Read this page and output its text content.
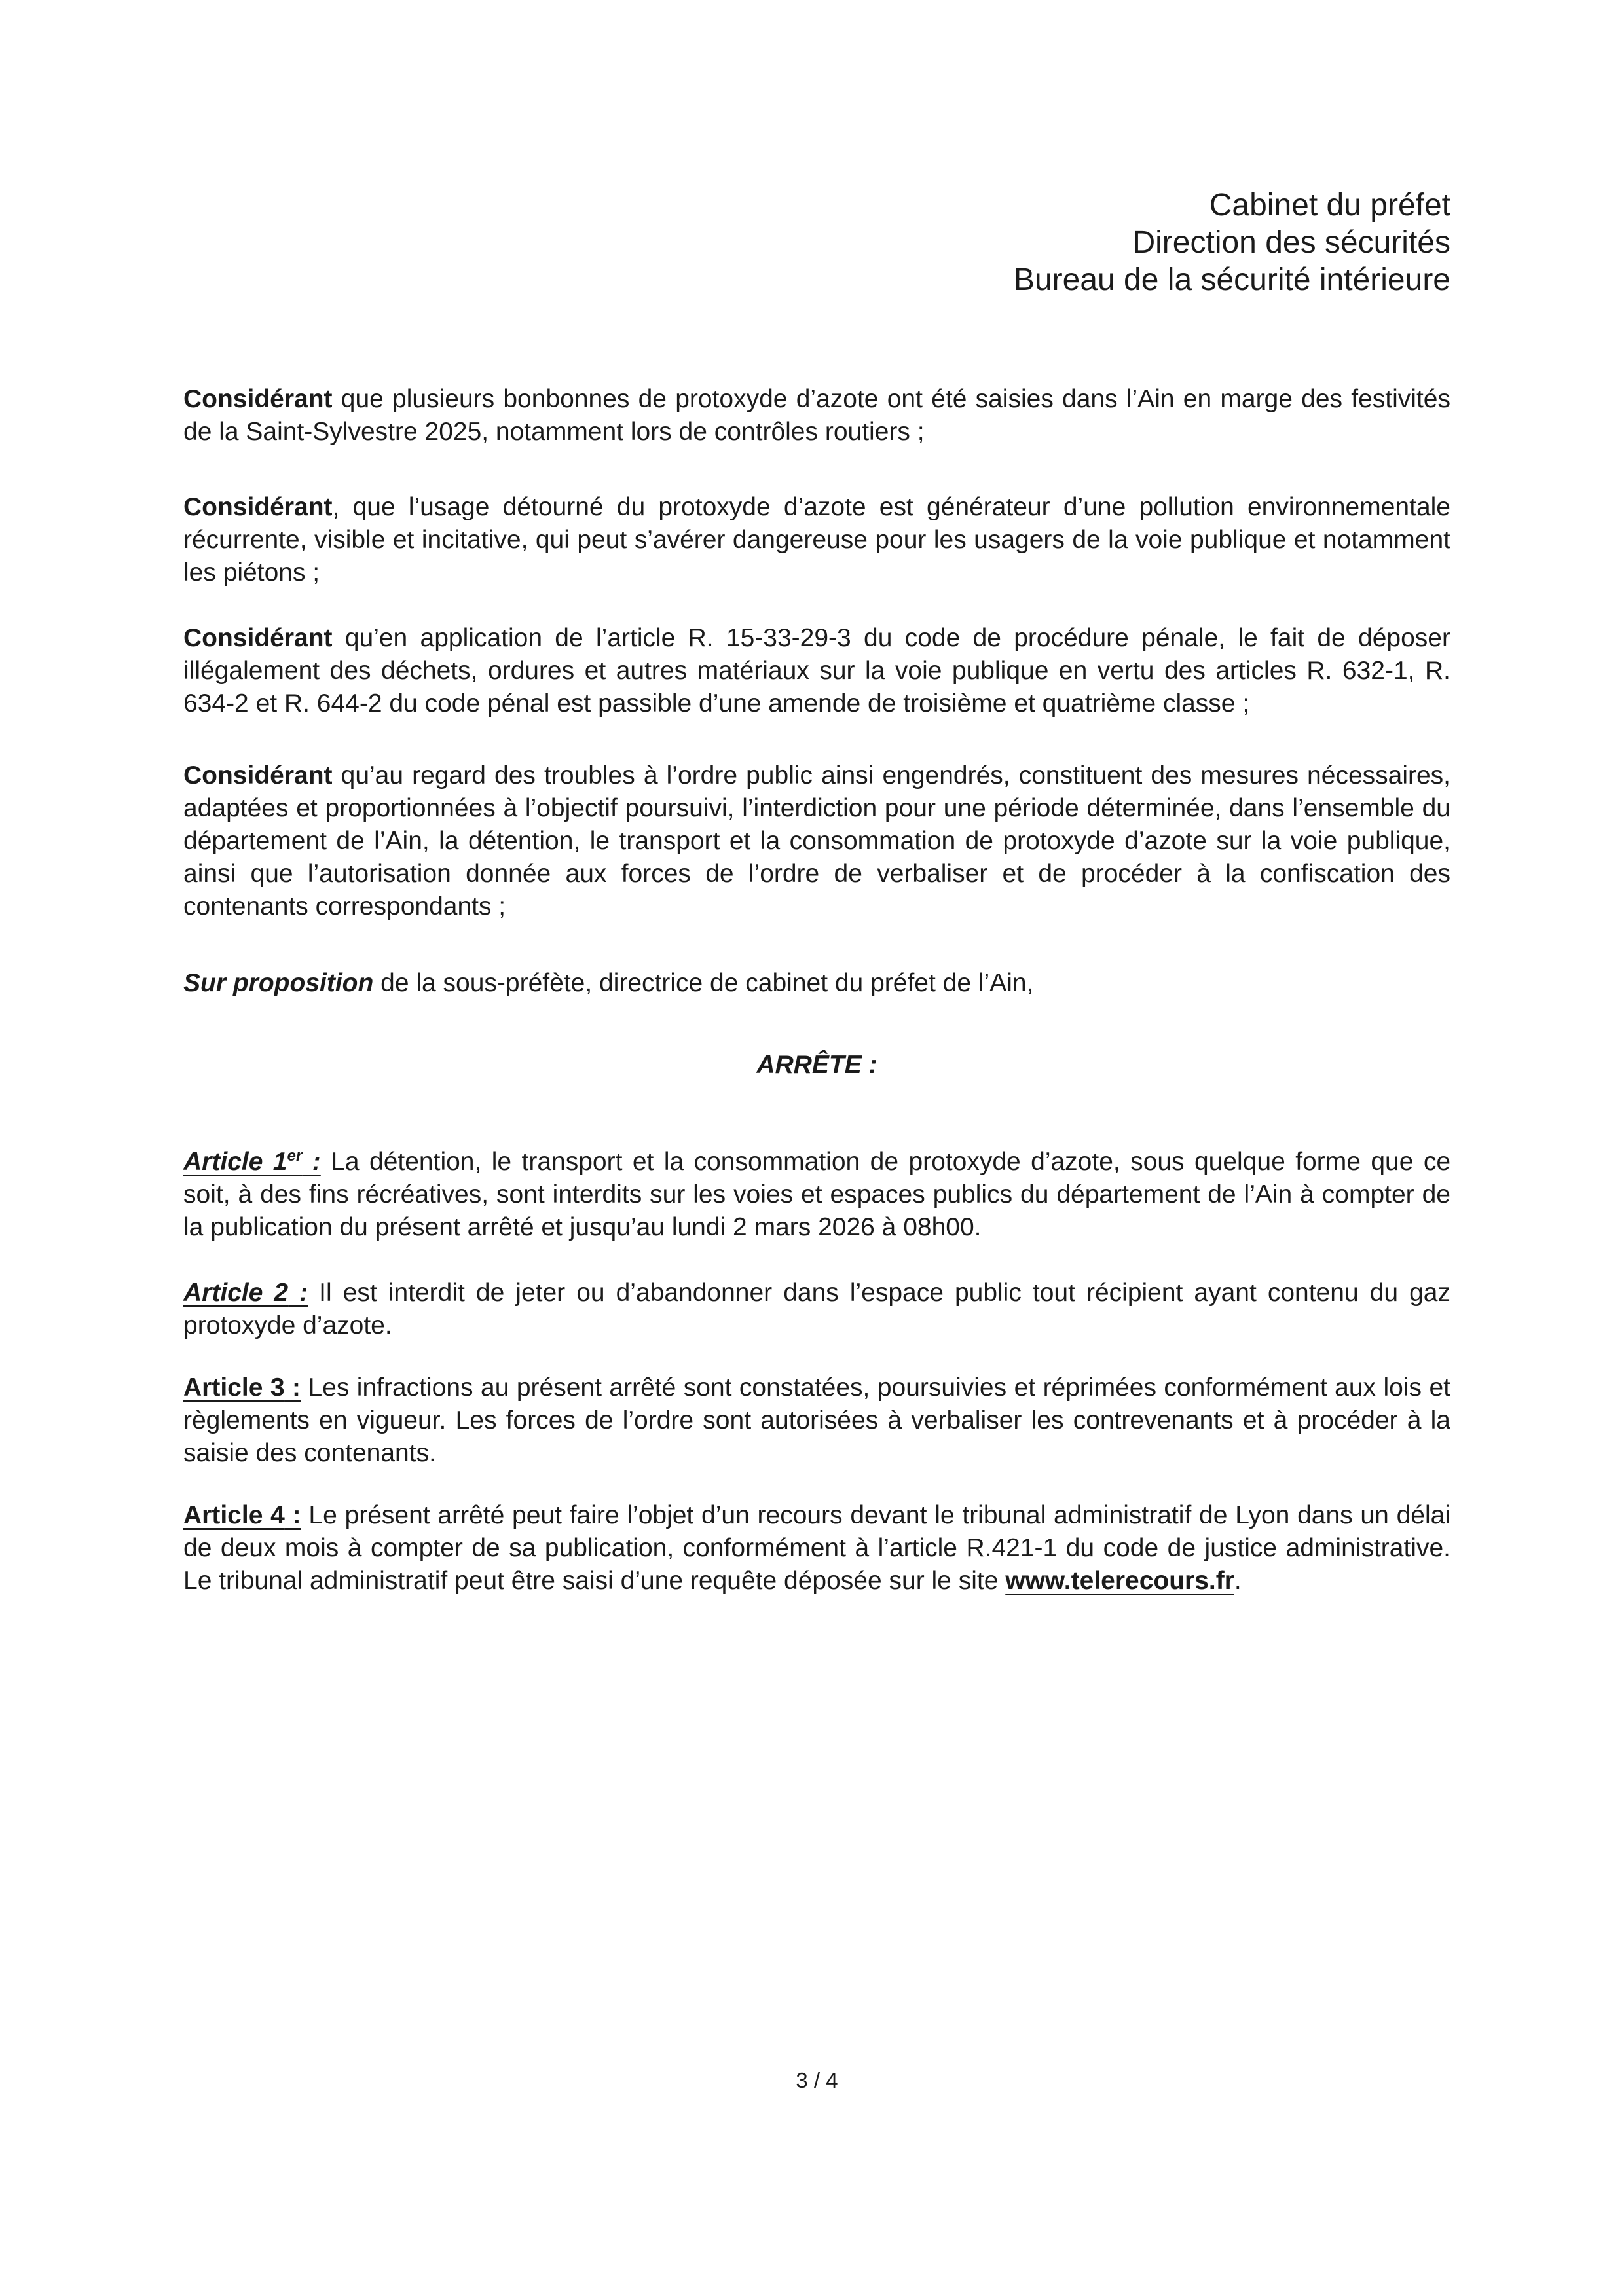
Cabinet du préfet
Direction des sécurités
Bureau de la sécurité intérieure

Considérant que plusieurs bonbonnes de protoxyde d’azote ont été saisies dans l’Ain en marge des festivités de la Saint-Sylvestre 2025, notamment lors de contrôles routiers ;

Considérant, que l’usage détourné du protoxyde d’azote est générateur d’une pollution environnementale récurrente, visible et incitative, qui peut s’avérer dangereuse pour les usagers de la voie publique et notamment les piétons ;

Considérant qu’en application de l’article R. 15-33-29-3 du code de procédure pénale, le fait de déposer illégalement des déchets, ordures et autres matériaux sur la voie publique en vertu des articles R. 632-1, R. 634-2 et R. 644-2 du code pénal est passible d’une amende de troisième et quatrième classe ;

Considérant qu’au regard des troubles à l’ordre public ainsi engendrés, constituent des mesures nécessaires, adaptées et proportionnées à l’objectif poursuivi, l’interdiction pour une période déterminée, dans l’ensemble du département de l’Ain, la détention, le transport et la consommation de protoxyde d’azote sur la voie publique, ainsi que l’autorisation donnée aux forces de l’ordre de verbaliser et de procéder à la confiscation des contenants correspondants ;

Sur proposition de la sous-préfète, directrice de cabinet du préfet de l’Ain,

ARRÊTE :

Article 1er : La détention, le transport et la consommation de protoxyde d’azote, sous quelque forme que ce soit, à des fins récréatives, sont interdits sur les voies et espaces publics du département de l’Ain à compter de la publication du présent arrêté et jusqu’au lundi 2 mars 2026 à 08h00.

Article 2 : Il est interdit de jeter ou d’abandonner dans l’espace public tout récipient ayant contenu du gaz protoxyde d’azote.

Article 3 : Les infractions au présent arrêté sont constatées, poursuivies et réprimées conformément aux lois et règlements en vigueur. Les forces de l’ordre sont autorisées à verbaliser les contrevenants et à procéder à la saisie des contenants.

Article 4 : Le présent arrêté peut faire l’objet d’un recours devant le tribunal administratif de Lyon dans un délai de deux mois à compter de sa publication, conformément à l’article R.421-1 du code de justice administrative. Le tribunal administratif peut être saisi d’une requête déposée sur le site www.telerecours.fr.

3 / 4
